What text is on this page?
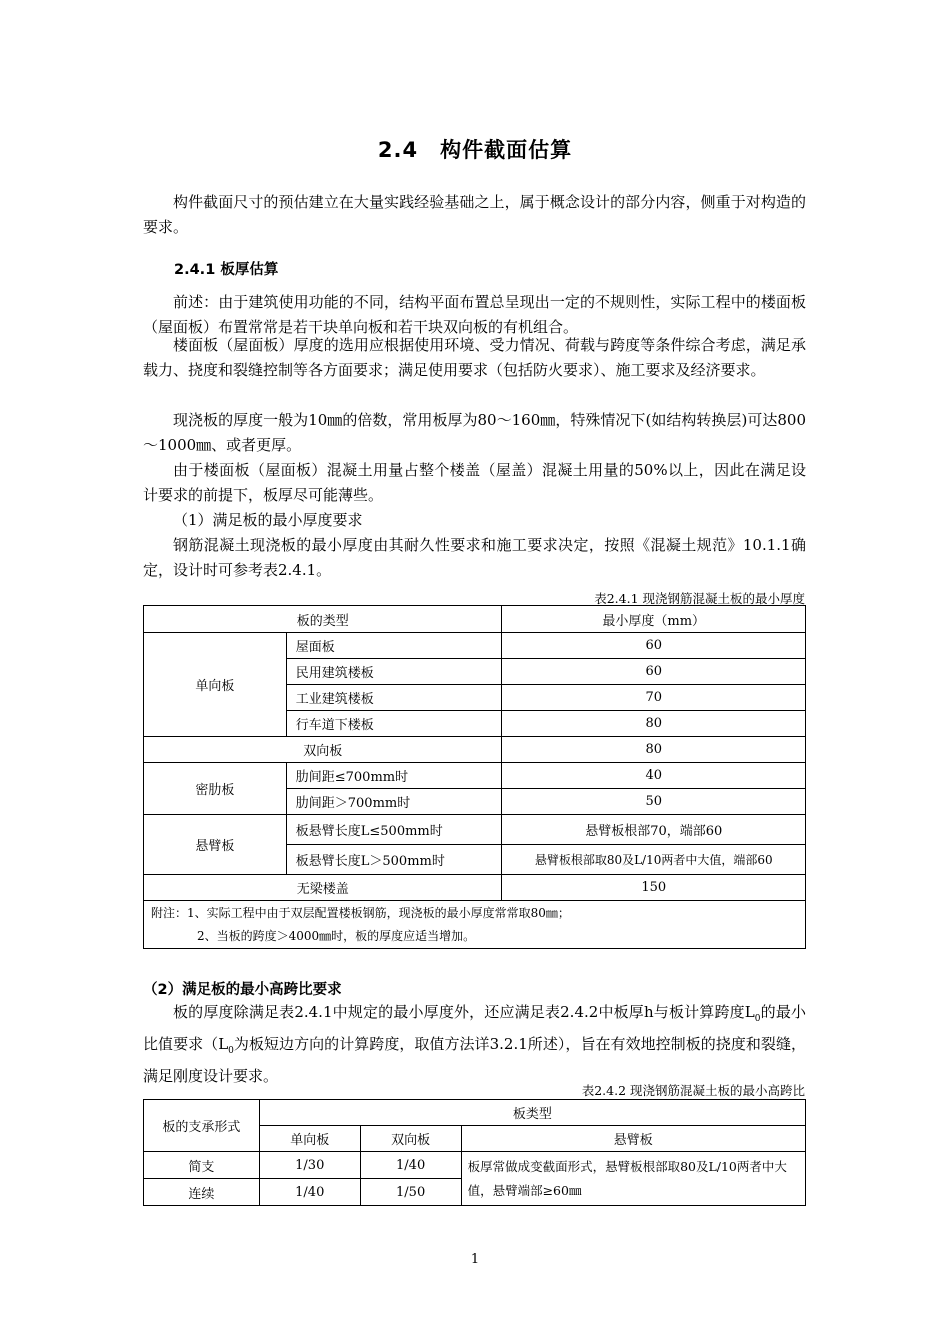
2.4　构件截面估算

构件截面尺寸的预估建立在大量实践经验基础之上，属于概念设计的部分内容，侧重于对构造的要求。

2.4.1 板厚估算

前述：由于建筑使用功能的不同，结构平面布置总呈现出一定的不规则性，实际工程中的楼面板（屋面板）布置常常是若干块单向板和若干块双向板的有机组合。

楼面板（屋面板）厚度的选用应根据使用环境、受力情况、荷载与跨度等条件综合考虑，满足承载力、挠度和裂缝控制等各方面要求；满足使用要求（包括防火要求）、施工要求及经济要求。

现浇板的厚度一般为10㎜的倍数，常用板厚为80～160㎜，特殊情况下(如结构转换层)可达800～1000㎜、或者更厚。

由于楼面板（屋面板）混凝土用量占整个楼盖（屋盖）混凝土用量的50%以上，因此在满足设计要求的前提下，板厚尽可能薄些。

（1）满足板的最小厚度要求

钢筋混凝土现浇板的最小厚度由其耐久性要求和施工要求决定，按照《混凝土规范》10.1.1确定，设计时可参考表2.4.1。

表2.4.1 现浇钢筋混凝土板的最小厚度
板的类型		最小厚度（mm）
单向板	屋面板	60
	民用建筑楼板	60
	工业建筑楼板	70
	行车道下楼板	80
双向板		80
密肋板	肋间距≤700mm时	40
	肋间距＞700mm时	50
悬臂板	板悬臂长度L≤500mm时	悬臂板根部70，端部60
	板悬臂长度L＞500mm时	悬臂板根部取80及L/10两者中大值，端部60
无梁楼盖		150

附注：1、实际工程中由于双层配置楼板钢筋，现浇板的最小厚度常常取80㎜；
2、当板的跨度＞4000㎜时，板的厚度应适当增加。		
（2）满足板的最小高跨比要求

板的厚度除满足表2.4.1中规定的最小厚度外，还应满足表2.4.2中板厚h与板计算跨度$L_0$的最小比值要求（$L_0$为板短边方向的计算跨度，取值方法详3.2.1所述），旨在有效地控制板的挠度和裂缝，满足刚度设计要求。

表2.4.2 现浇钢筋混凝土板的最小高跨比
板的支承形式	板类型		
	单向板	双向板	悬臂板
简支	1/30	1/40	板厚常做成变截面形式，悬臂板根部取80及L/10两者中大值，悬臂端部≥60㎜
连续	1/40	1/50	
1
